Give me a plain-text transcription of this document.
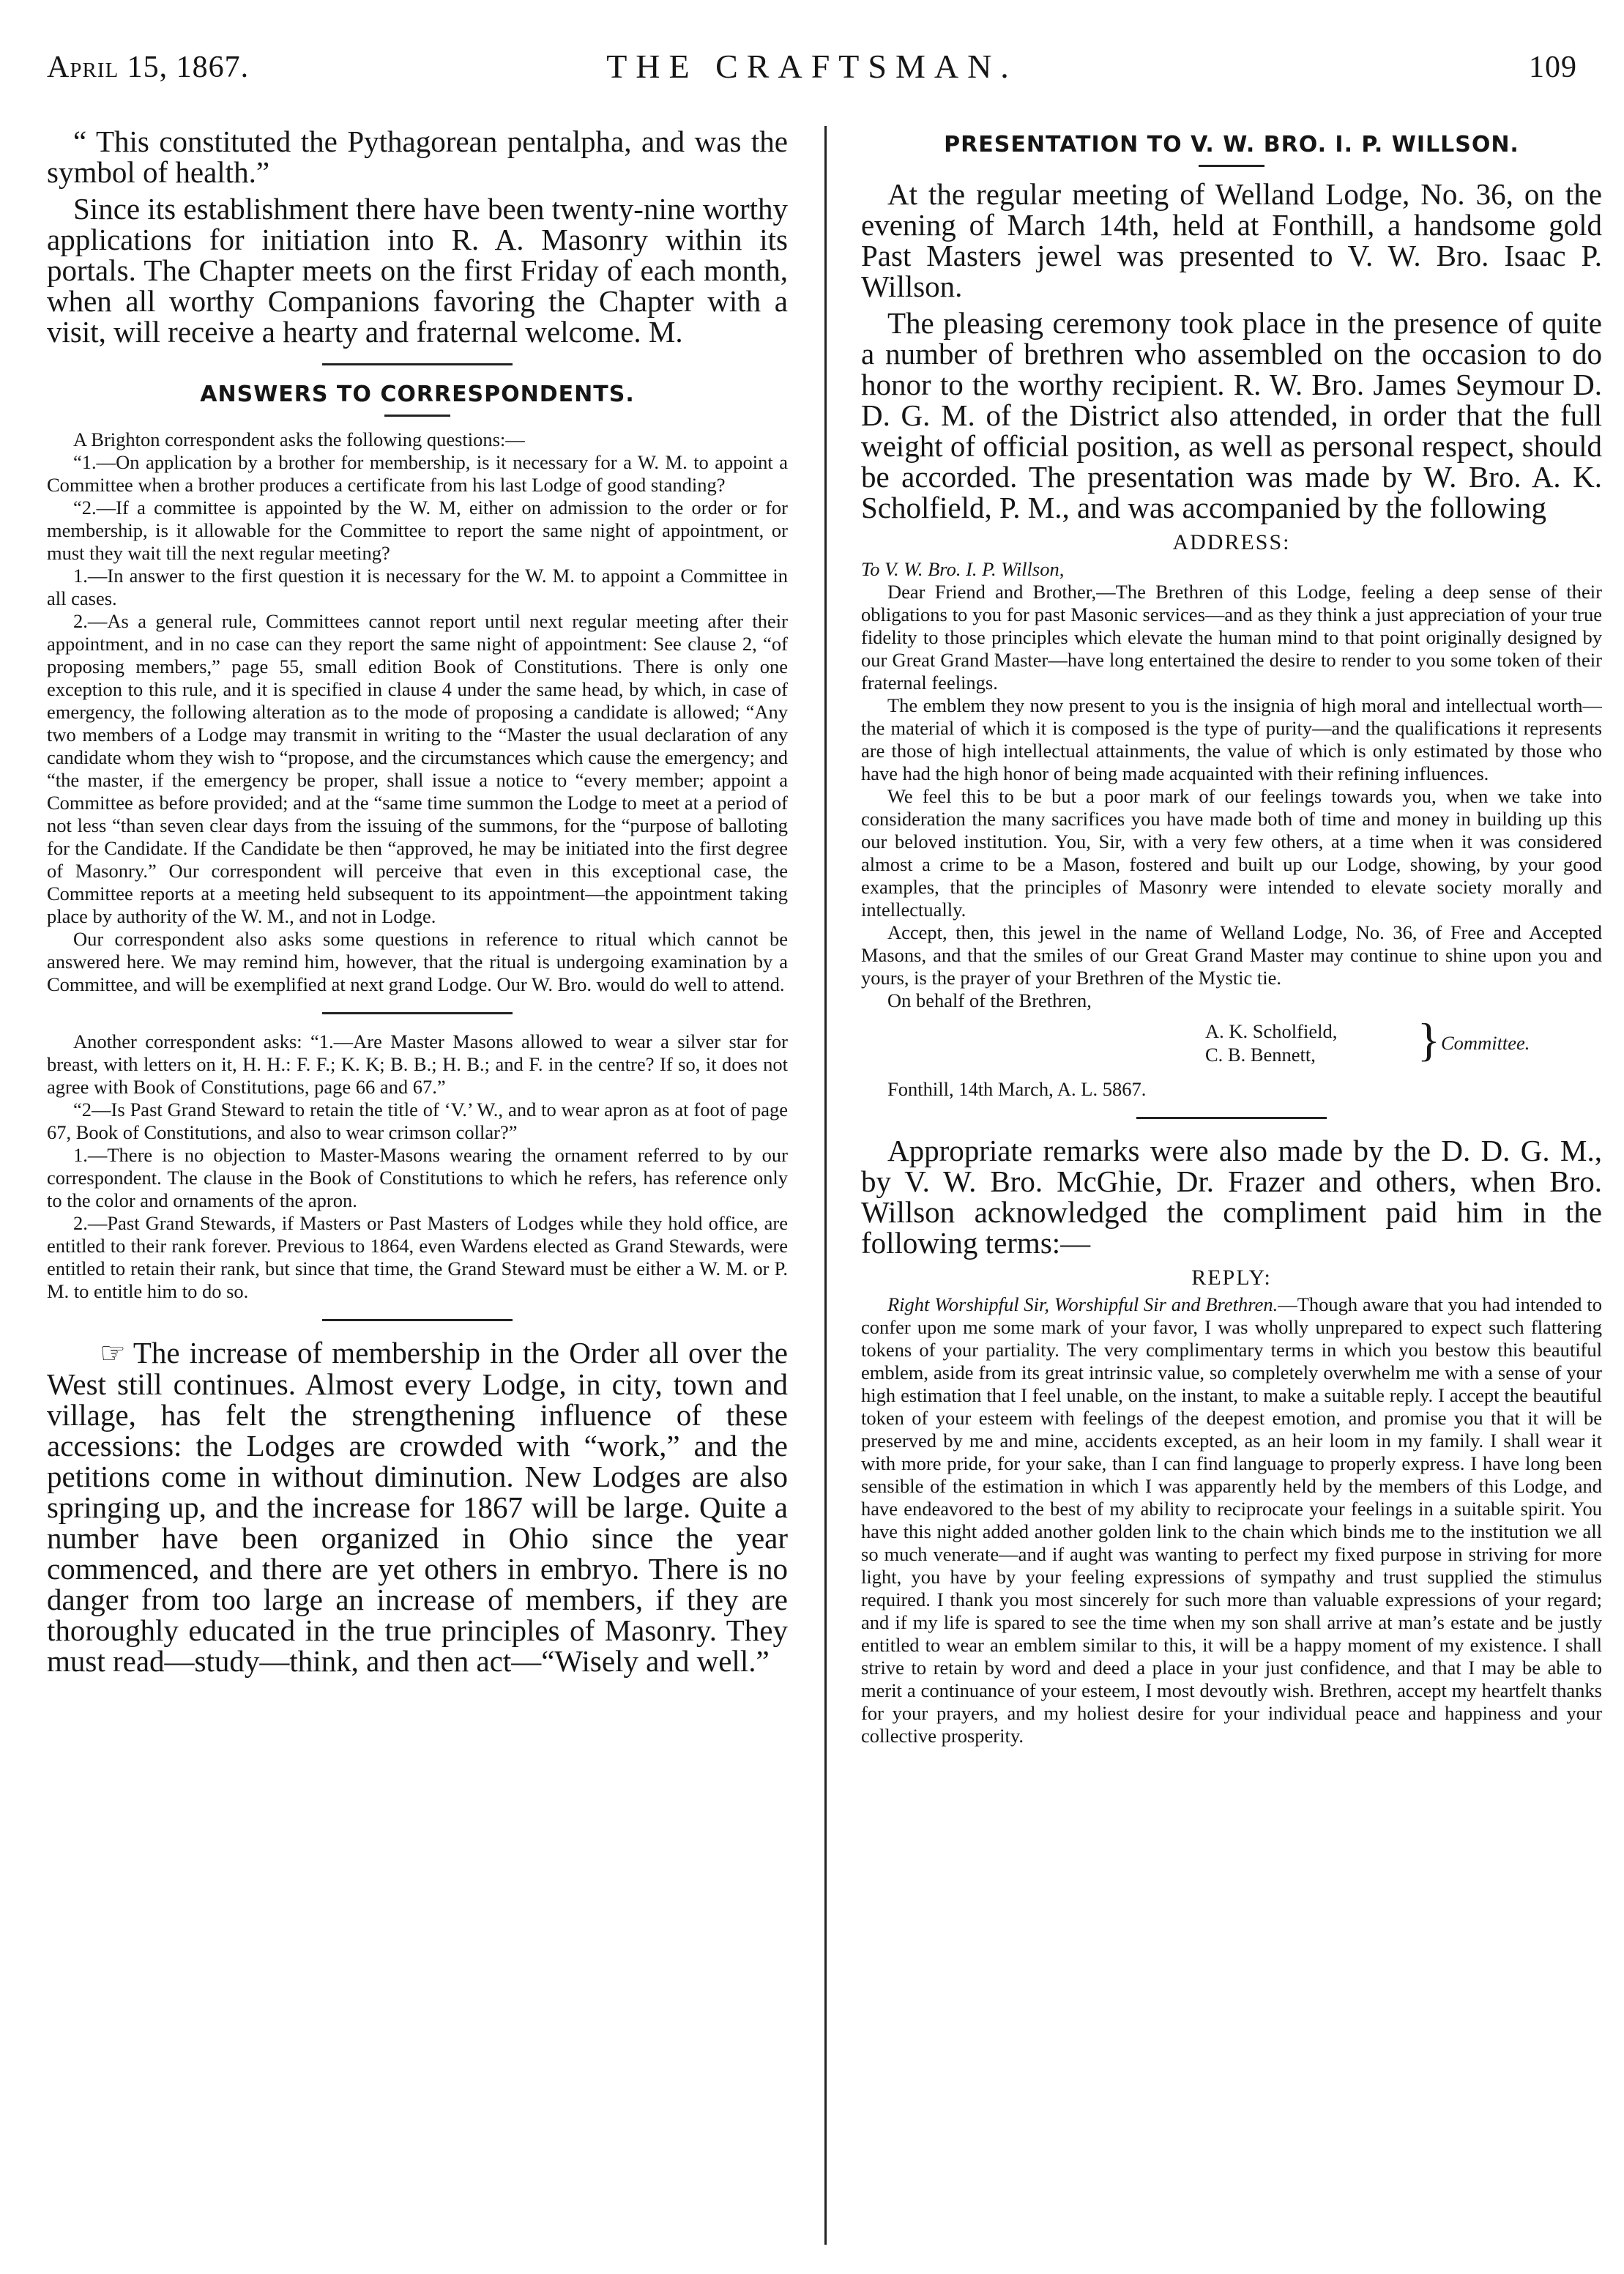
April 15, 1867.	THE CRAFTSMAN.	109

“ This constituted the Pythagorean pentalpha, and was the symbol of health.”

Since its establishment there have been twenty-nine worthy applications for initiation into R. A. Masonry within its portals. The Chapter meets on the first Friday of each month, when all worthy Companions favoring the Chapter with a visit, will receive a hearty and fraternal welcome. M.

ANSWERS TO CORRESPONDENTS.

A Brighton correspondent asks the following questions:—

“1.—On application by a brother for membership, is it necessary for a W. M. to appoint a Committee when a brother produces a certificate from his last Lodge of good standing?

“2.—If a committee is appointed by the W. M, either on admission to the order or for membership, is it allowable for the Committee to report the same night of appointment, or must they wait till the next regular meeting?

1.—In answer to the first question it is necessary for the W. M. to appoint a Committee in all cases.

2.—As a general rule, Committees cannot report until next regular meeting after their appointment, and in no case can they report the same night of appointment: See clause 2, “of proposing members,” page 55, small edition Book of Constitutions. There is only one exception to this rule, and it is specified in clause 4 under the same head, by which, in case of emergency, the following alteration as to the mode of proposing a candidate is allowed; “Any two members of a Lodge may transmit in writing to the “Master the usual declaration of any candidate whom they wish to “propose, and the circumstances which cause the emergency; and “the master, if the emergency be proper, shall issue a notice to “every member; appoint a Committee as before provided; and at the “same time summon the Lodge to meet at a period of not less “than seven clear days from the issuing of the summons, for the “purpose of balloting for the Candidate. If the Candidate be then “approved, he may be initiated into the first degree of Masonry.” Our correspondent will perceive that even in this exceptional case, the Committee reports at a meeting held subsequent to its appointment—the appointment taking place by authority of the W. M., and not in Lodge.

Our correspondent also asks some questions in reference to ritual which cannot be answered here. We may remind him, however, that the ritual is undergoing examination by a Committee, and will be exemplified at next grand Lodge. Our W. Bro. would do well to attend.

Another correspondent asks: “1.—Are Master Masons allowed to wear a silver star for breast, with letters on it, H. H.: F. F.; K. K; B. B.; H. B.; and F. in the centre? If so, it does not agree with Book of Constitutions, page 66 and 67.”

“2—Is Past Grand Steward to retain the title of ‘V.’ W., and to wear apron as at foot of page 67, Book of Constitutions, and also to wear crimson collar?”

1.—There is no objection to Master-Masons wearing the ornament referred to by our correspondent. The clause in the Book of Constitutions to which he refers, has reference only to the color and ornaments of the apron.

2.—Past Grand Stewards, if Masters or Past Masters of Lodges while they hold office, are entitled to their rank forever. Previous to 1864, even Wardens elected as Grand Stewards, were entitled to retain their rank, but since that time, the Grand Steward must be either a W. M. or P. M. to entitle him to do so.

☞ The increase of membership in the Order all over the West still continues. Almost every Lodge, in city, town and village, has felt the strengthening influence of these accessions: the Lodges are crowded with “work,” and the petitions come in without diminution. New Lodges are also springing up, and the increase for 1867 will be large. Quite a number have been organized in Ohio since the year commenced, and there are yet others in embryo. There is no danger from too large an increase of members, if they are thoroughly educated in the true principles of Masonry. They must read—study—think, and then act—“Wisely and well.”

PRESENTATION TO V. W. BRO. I. P. WILLSON.

At the regular meeting of Welland Lodge, No. 36, on the evening of March 14th, held at Fonthill, a handsome gold Past Masters jewel was presented to V. W. Bro. Isaac P. Willson.

The pleasing ceremony took place in the presence of quite a number of brethren who assembled on the occasion to do honor to the worthy recipient. R. W. Bro. James Seymour D. D. G. M. of the District also attended, in order that the full weight of official position, as well as personal respect, should be accorded. The presentation was made by W. Bro. A. K. Scholfield, P. M., and was accompanied by the following

ADDRESS:

To V. W. Bro. I. P. Willson,

Dear Friend and Brother,—The Brethren of this Lodge, feeling a deep sense of their obligations to you for past Masonic services—and as they think a just appreciation of your true fidelity to those principles which elevate the human mind to that point originally designed by our Great Grand Master—have long entertained the desire to render to you some token of their fraternal feelings.

The emblem they now present to you is the insignia of high moral and intellectual worth—the material of which it is composed is the type of purity—and the qualifications it represents are those of high intellectual attainments, the value of which is only estimated by those who have had the high honor of being made acquainted with their refining influences.

We feel this to be but a poor mark of our feelings towards you, when we take into consideration the many sacrifices you have made both of time and money in building up this our beloved institution. You, Sir, with a very few others, at a time when it was considered almost a crime to be a Mason, fostered and built up our Lodge, showing, by your good examples, that the principles of Masonry were intended to elevate society morally and intellectually.

Accept, then, this jewel in the name of Welland Lodge, No. 36, of Free and Accepted Masons, and that the smiles of our Great Grand Master may continue to shine upon you and yours, is the prayer of your Brethren of the Mystic tie.

On behalf of the Brethren,

A. K. Scholfield,
C. B. Bennett,	} Committee.

Fonthill, 14th March, A. L. 5867.

Appropriate remarks were also made by the D. D. G. M., by V. W. Bro. McGhie, Dr. Frazer and others, when Bro. Willson acknowledged the compliment paid him in the following terms:—

REPLY:

Right Worshipful Sir, Worshipful Sir and Brethren.—Though aware that you had intended to confer upon me some mark of your favor, I was wholly unprepared to expect such flattering tokens of your partiality. The very complimentary terms in which you bestow this beautiful emblem, aside from its great intrinsic value, so completely overwhelm me with a sense of your high estimation that I feel unable, on the instant, to make a suitable reply. I accept the beautiful token of your esteem with feelings of the deepest emotion, and promise you that it will be preserved by me and mine, accidents excepted, as an heir loom in my family. I shall wear it with more pride, for your sake, than I can find language to properly express. I have long been sensible of the estimation in which I was apparently held by the members of this Lodge, and have endeavored to the best of my ability to reciprocate your feelings in a suitable spirit. You have this night added another golden link to the chain which binds me to the institution we all so much venerate—and if aught was wanting to perfect my fixed purpose in striving for more light, you have by your feeling expressions of sympathy and trust supplied the stimulus required. I thank you most sincerely for such more than valuable expressions of your regard; and if my life is spared to see the time when my son shall arrive at man’s estate and be justly entitled to wear an emblem similar to this, it will be a happy moment of my existence. I shall strive to retain by word and deed a place in your just confidence, and that I may be able to merit a continuance of your esteem, I most devoutly wish. Brethren, accept my heartfelt thanks for your prayers, and my holiest desire for your individual peace and happiness and your collective prosperity.
